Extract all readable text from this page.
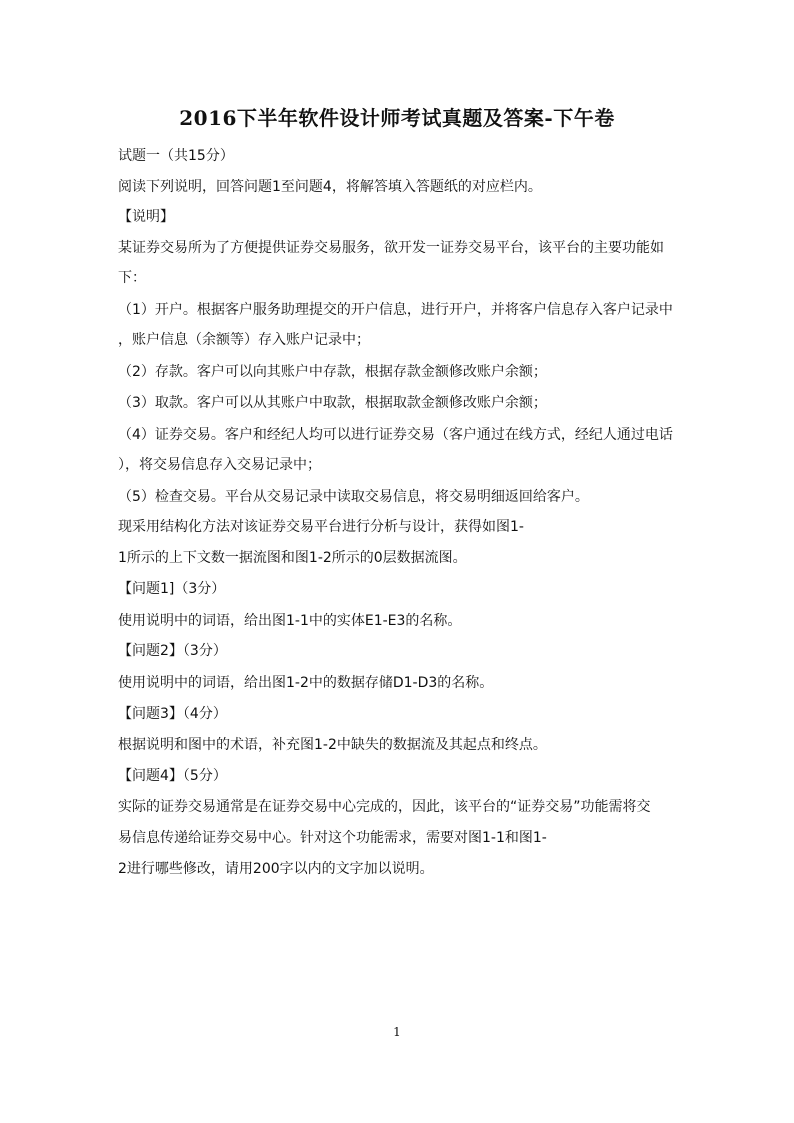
2016下半年软件设计师考试真题及答案-下午卷
试题一（共15分）
阅读下列说明，回答问题1至问题4，将解答填入答题纸的对应栏内。
【说明】
某证券交易所为了方便提供证券交易服务，欲开发一证券交易平台，该平台的主要功能如
下：
（1）开户。根据客户服务助理提交的开户信息，进行开户，并将客户信息存入客户记录中
，账户信息（余额等）存入账户记录中；
（2）存款。客户可以向其账户中存款，根据存款金额修改账户余额；
（3）取款。客户可以从其账户中取款，根据取款金额修改账户余额；
（4）证券交易。客户和经纪人均可以进行证券交易（客户通过在线方式，经纪人通过电话
），将交易信息存入交易记录中；
（5）检查交易。平台从交易记录中读取交易信息，将交易明细返回给客户。
现采用结构化方法对该证券交易平台进行分析与设计，获得如图1-
1所示的上下文数一据流图和图1-2所示的0层数据流图。
【问题1]（3分）
使用说明中的词语，给出图1-1中的实体E1-E3的名称。
【问题2】（3分）
使用说明中的词语，给出图1-2中的数据存储D1-D3的名称。
【问题3】（4分）
根据说明和图中的术语，补充图1-2中缺失的数据流及其起点和终点。
【问题4】（5分）
实际的证券交易通常是在证券交易中心完成的，因此，该平台的“证券交易”功能需将交
易信息传递给证券交易中心。针对这个功能需求，需要对图1-1和图1-
2进行哪些修改，请用200字以内的文字加以说明。
1
